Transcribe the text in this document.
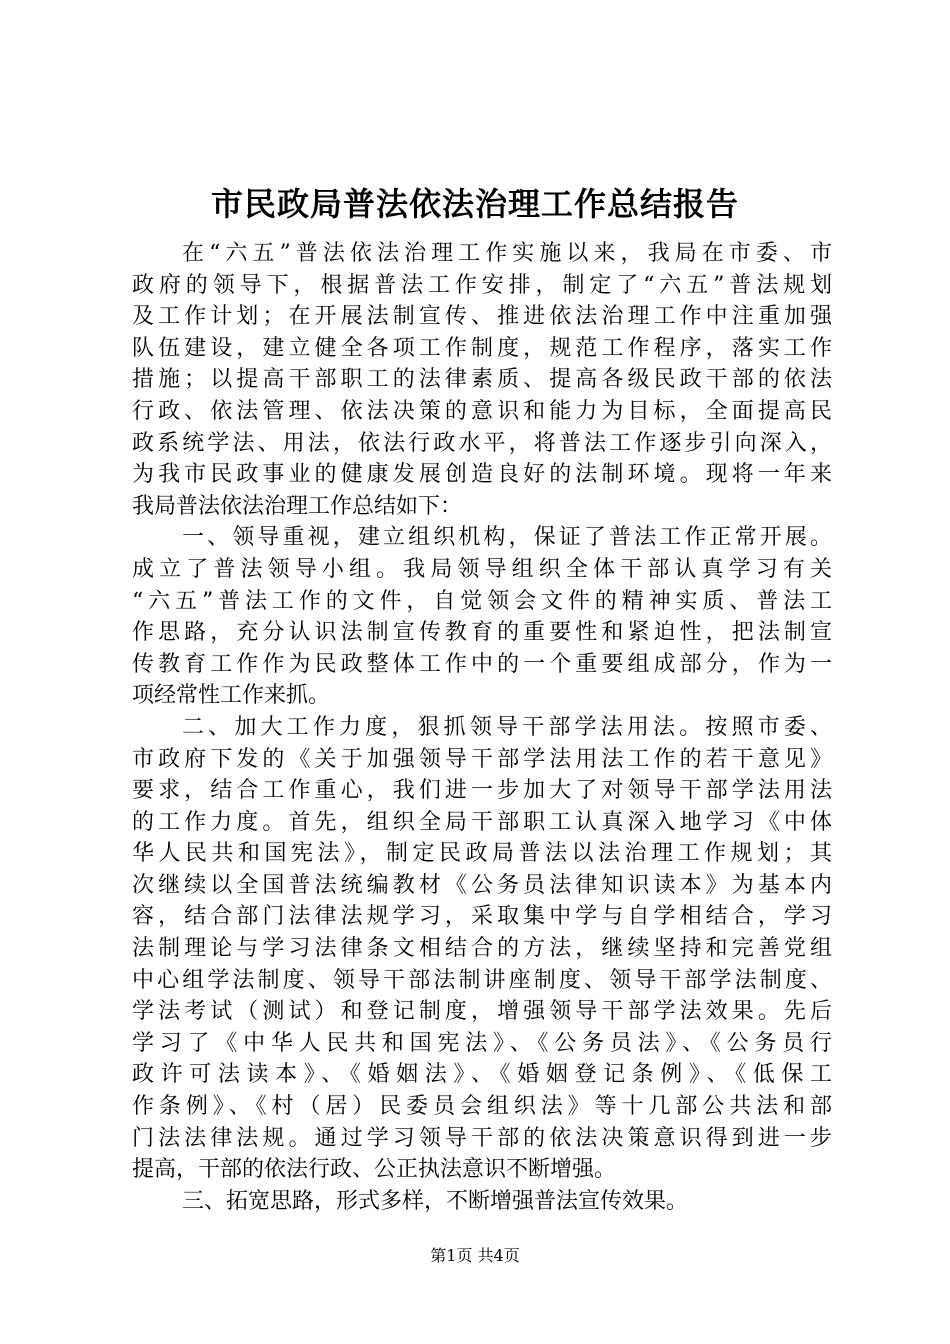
市民政局普法依法治理工作总结报告
在“六五”普法依法治理工作实施以来，我局在市委、市
政府的领导下，根据普法工作安排，制定了“六五”普法规划
及工作计划；在开展法制宣传、推进依法治理工作中注重加强
队伍建设，建立健全各项工作制度，规范工作程序，落实工作
措施；以提高干部职工的法律素质、提高各级民政干部的依法
行政、依法管理、依法决策的意识和能力为目标，全面提高民
政系统学法、用法，依法行政水平，将普法工作逐步引向深入，
为我市民政事业的健康发展创造良好的法制环境。现将一年来
我局普法依法治理工作总结如下：
一、领导重视，建立组织机构，保证了普法工作正常开展。
成立了普法领导小组。我局领导组织全体干部认真学习有关
“六五”普法工作的文件，自觉领会文件的精神实质、普法工
作思路，充分认识法制宣传教育的重要性和紧迫性，把法制宣
传教育工作作为民政整体工作中的一个重要组成部分，作为一
项经常性工作来抓。
二、加大工作力度，狠抓领导干部学法用法。按照市委、
市政府下发的《关于加强领导干部学法用法工作的若干意见》
要求，结合工作重心，我们进一步加大了对领导干部学法用法
的工作力度。首先，组织全局干部职工认真深入地学习《中体
华人民共和国宪法》，制定民政局普法以法治理工作规划；其
次继续以全国普法统编教材《公务员法律知识读本》为基本内
容，结合部门法律法规学习，采取集中学与自学相结合，学习
法制理论与学习法律条文相结合的方法，继续坚持和完善党组
中心组学法制度、领导干部法制讲座制度、领导干部学法制度、
学法考试（测试）和登记制度，增强领导干部学法效果。先后
学习了《中华人民共和国宪法》、《公务员法》、《公务员行
政许可法读本》、《婚姻法》、《婚姻登记条例》、《低保工
作条例》、《村（居）民委员会组织法》等十几部公共法和部
门法法律法规。通过学习领导干部的依法决策意识得到进一步
提高，干部的依法行政、公正执法意识不断增强。
三、拓宽思路，形式多样，不断增强普法宣传效果。
第1页 共4页
